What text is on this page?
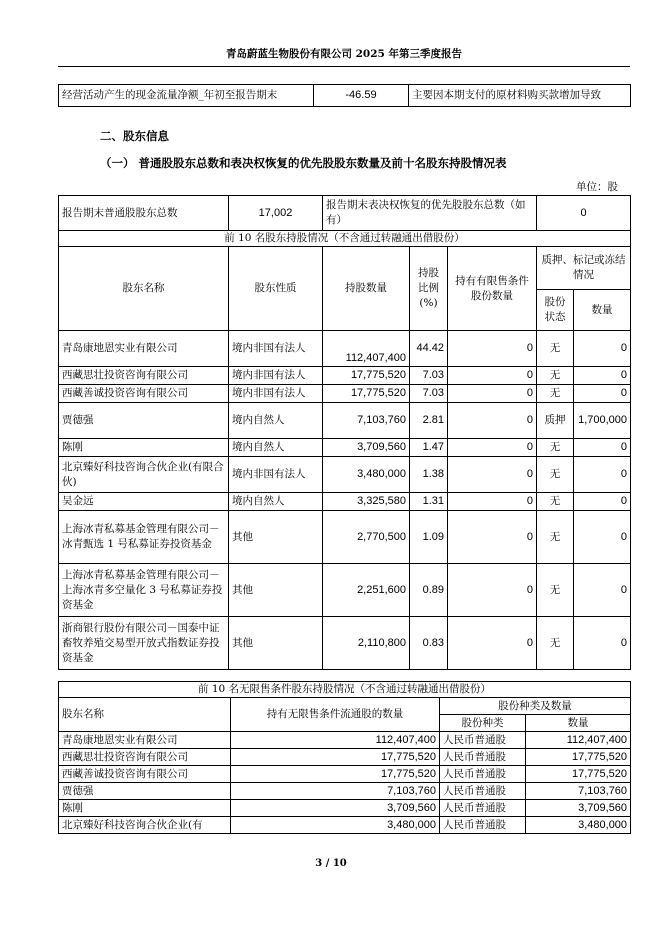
青岛蔚蓝生物股份有限公司 2025 年第三季度报告
经营活动产生的现金流量净额_年初至报告期末	-46.59	主要因本期支付的原材料购买款增加导致
二、股东信息
（一） 普通股股东总数和表决权恢复的优先股股东数量及前十名股东持股情况表
单位：股
报告期末普通股股东总数	17,002	报告期末表决权恢复的优先股股东总数（如有）			0	
前 10 名股东持股情况（不含通过转融通出借股份）						
股东名称	股东性质	持股数量	持股比例(%)	持有有限售条件股份数量	质押、标记或冻结情况	
					股份状态	数量
青岛康地恩实业有限公司	境内非国有法人	112,407,400	44.42	0	无	0
西藏思壮投资咨询有限公司	境内非国有法人	17,775,520	7.03	0	无	0
西藏善诚投资咨询有限公司	境内非国有法人	17,775,520	7.03	0	无	0
贾德强	境内自然人	7,103,760	2.81	0	质押	1,700,000
陈刚	境内自然人	3,709,560	1.47	0	无	0
北京臻好科技咨询合伙企业(有限合伙)	境内非国有法人	3,480,000	1.38	0	无	0
吴金远	境内自然人	3,325,580	1.31	0	无	0
上海冰青私募基金管理有限公司－冰青甄选 1 号私募证券投资基金	其他	2,770,500	1.09	0	无	0
上海冰青私募基金管理有限公司－上海冰青多空量化 3 号私募证券投资基金	其他	2,251,600	0.89	0	无	0
浙商银行股份有限公司－国泰中证畜牧养殖交易型开放式指数证券投资基金	其他	2,110,800	0.83	0	无	0
前 10 名无限售条件股东持股情况（不含通过转融通出借股份）			
股东名称	持有无限售条件流通股的数量	股份种类及数量	
		股份种类	数量
青岛康地恩实业有限公司	112,407,400	人民币普通股	112,407,400
西藏思壮投资咨询有限公司	17,775,520	人民币普通股	17,775,520
西藏善诚投资咨询有限公司	17,775,520	人民币普通股	17,775,520
贾德强	7,103,760	人民币普通股	7,103,760
陈刚	3,709,560	人民币普通股	3,709,560
北京臻好科技咨询合伙企业(有	3,480,000	人民币普通股	3,480,000
3 / 10
